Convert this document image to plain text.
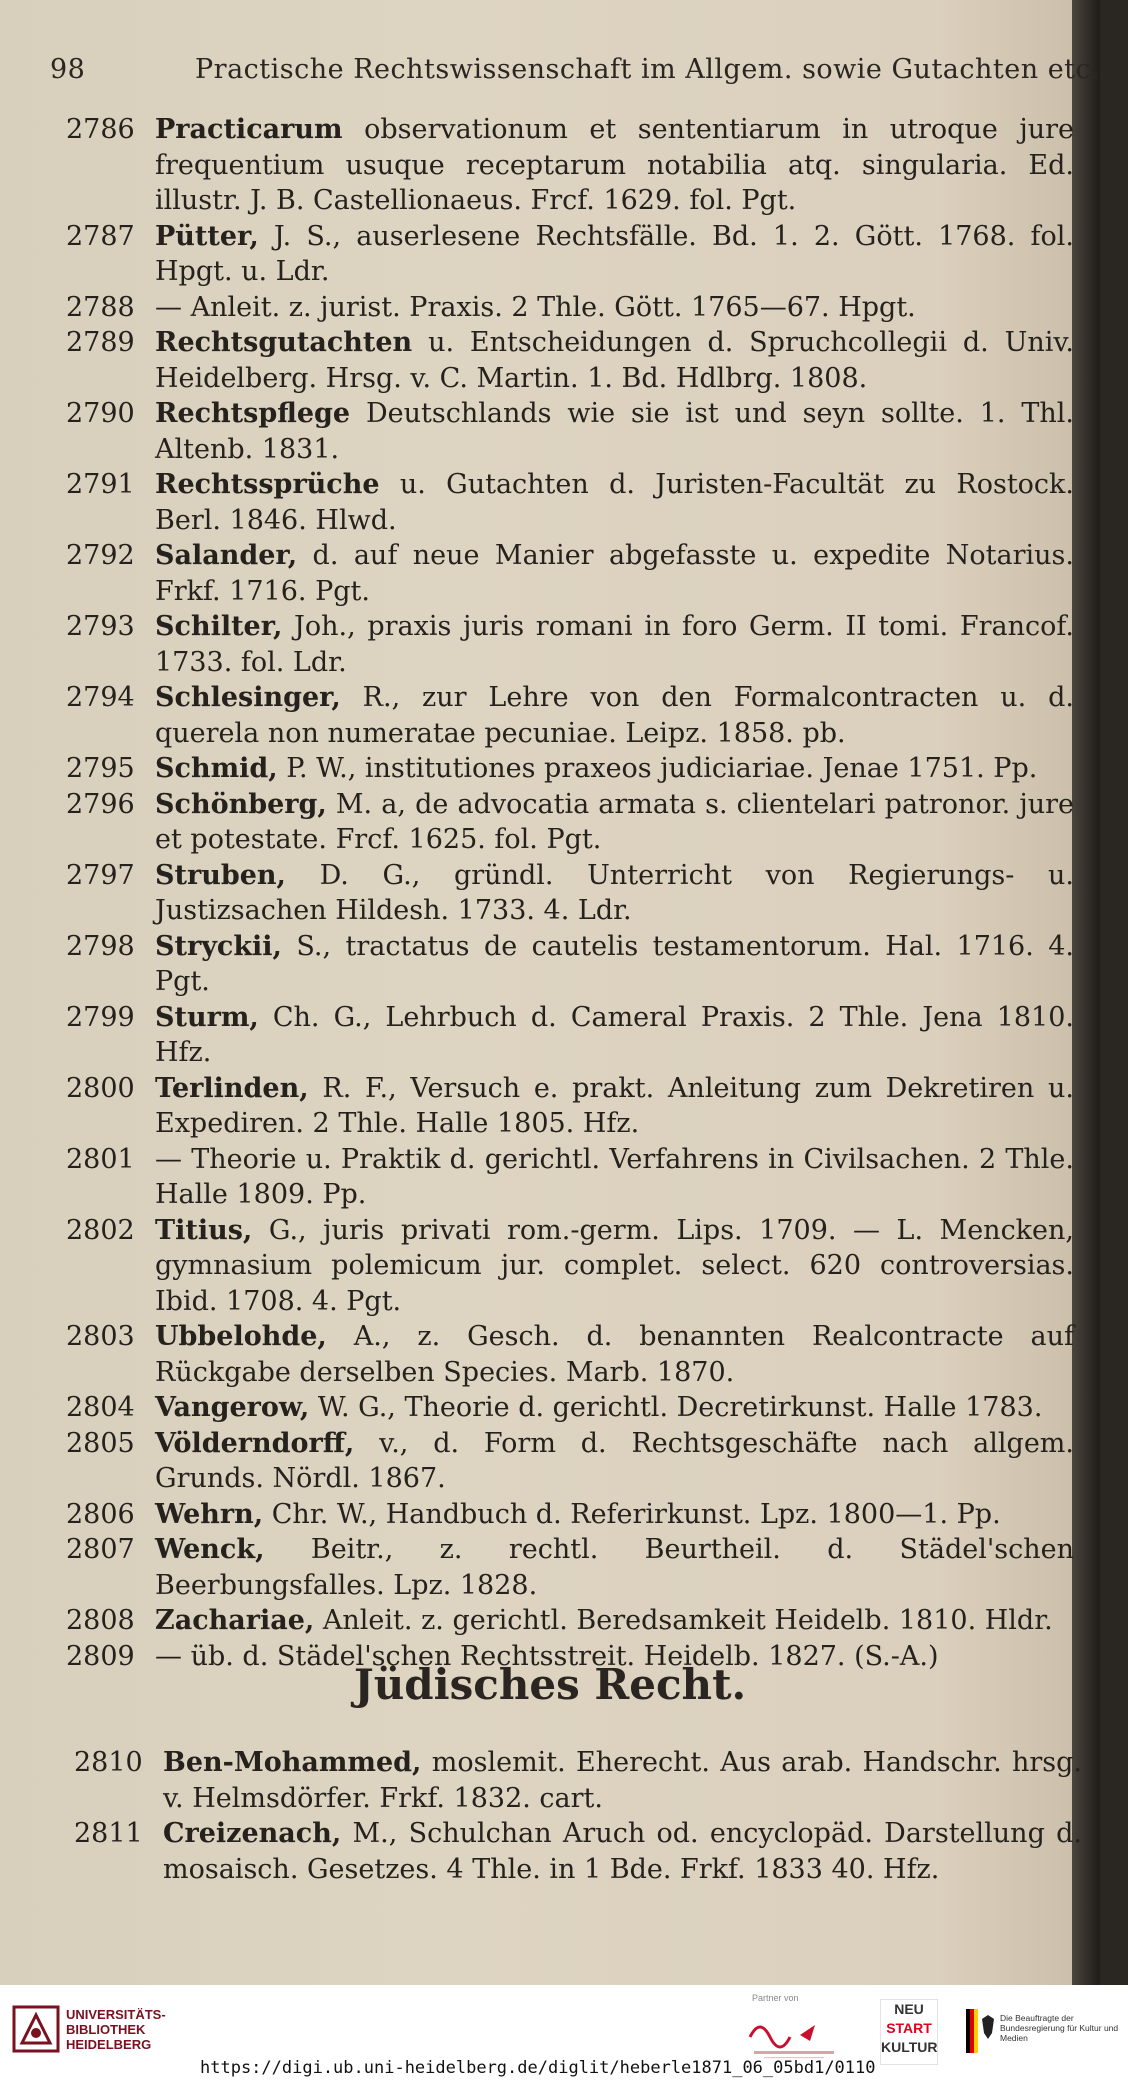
98	Practische Rechtswissenschaft im Allgem. sowie Gutachten etc.
2786 Practicarum observationum et sententiarum in utroque jure frequentium usuque receptarum notabilia atq. singularia. Ed. illustr. J. B. Castellionaeus. Frcf. 1629. fol. Pgt.
2787 Pütter, J. S., auserlesene Rechtsfälle. Bd. 1. 2. Gött. 1768. fol. Hpgt. u. Ldr.
2788 — Anleit. z. jurist. Praxis. 2 Thle. Gött. 1765—67. Hpgt.
2789 Rechtsgutachten u. Entscheidungen d. Spruchcollegii d. Univ. Heidelberg. Hrsg. v. C. Martin. 1. Bd. Hdlbrg. 1808.
2790 Rechtspflege Deutschlands wie sie ist und seyn sollte. 1. Thl. Altenb. 1831.
2791 Rechtssprüche u. Gutachten d. Juristen-Facultät zu Rostock. Berl. 1846. Hlwd.
2792 Salander, d. auf neue Manier abgefasste u. expedite Notarius. Frkf. 1716. Pgt.
2793 Schilter, Joh., praxis juris romani in foro Germ. II tomi. Francof. 1733. fol. Ldr.
2794 Schlesinger, R., zur Lehre von den Formalcontracten u. d. querela non numeratae pecuniae. Leipz. 1858. pb.
2795 Schmid, P. W., institutiones praxeos judiciariae. Jenae 1751. Pp.
2796 Schönberg, M. a, de advocatia armata s. clientelari patronor. jure et potestate. Frcf. 1625. fol. Pgt.
2797 Struben, D. G., gründl. Unterricht von Regierungs- u. Justizsachen Hildesh. 1733. 4. Ldr.
2798 Stryckii, S., tractatus de cautelis testamentorum. Hal. 1716. 4. Pgt.
2799 Sturm, Ch. G., Lehrbuch d. Cameral Praxis. 2 Thle. Jena 1810. Hfz.
2800 Terlinden, R. F., Versuch e. prakt. Anleitung zum Dekretiren u. Expediren. 2 Thle. Halle 1805. Hfz.
2801 — Theorie u. Praktik d. gerichtl. Verfahrens in Civilsachen. 2 Thle. Halle 1809. Pp.
2802 Titius, G., juris privati rom.-germ. Lips. 1709. — L. Mencken, gymnasium polemicum jur. complet. select. 620 controversias. Ibid. 1708. 4. Pgt.
2803 Ubbelohde, A., z. Gesch. d. benannten Realcontracte auf Rückgabe derselben Species. Marb. 1870.
2804 Vangerow, W. G., Theorie d. gerichtl. Decretirkunst. Halle 1783.
2805 Völderndorff, v., d. Form d. Rechtsgeschäfte nach allgem. Grunds. Nördl. 1867.
2806 Wehrn, Chr. W., Handbuch d. Referirkunst. Lpz. 1800—1. Pp.
2807 Wenck, Beitr., z. rechtl. Beurtheil. d. Städel'schen Beerbungsfalles. Lpz. 1828.
2808 Zachariae, Anleit. z. gerichtl. Beredsamkeit Heidelb. 1810. Hldr.
2809 — üb. d. Städel'schen Rechtsstreit. Heidelb. 1827. (S.-A.)
Jüdisches Recht.
2810 Ben-Mohammed, moslemit. Eherecht. Aus arab. Handschr. hrsg. v. Helmsdörfer. Frkf. 1832. cart.
2811 Creizenach, M., Schulchan Aruch od. encyclopäd. Darstellung d. mosaisch. Gesetzes. 4 Thle. in 1 Bde. Frkf. 1833 40. Hfz.
UNIVERSITÄTS-
BIBLIOTHEK
HEIDELBERG
Partner von
NEU
START
KULTUR
Die Beauftragte der Bundesregierung für Kultur und Medien
https://digi.ub.uni-heidelberg.de/diglit/heberle1871_06_05bd1/0110
